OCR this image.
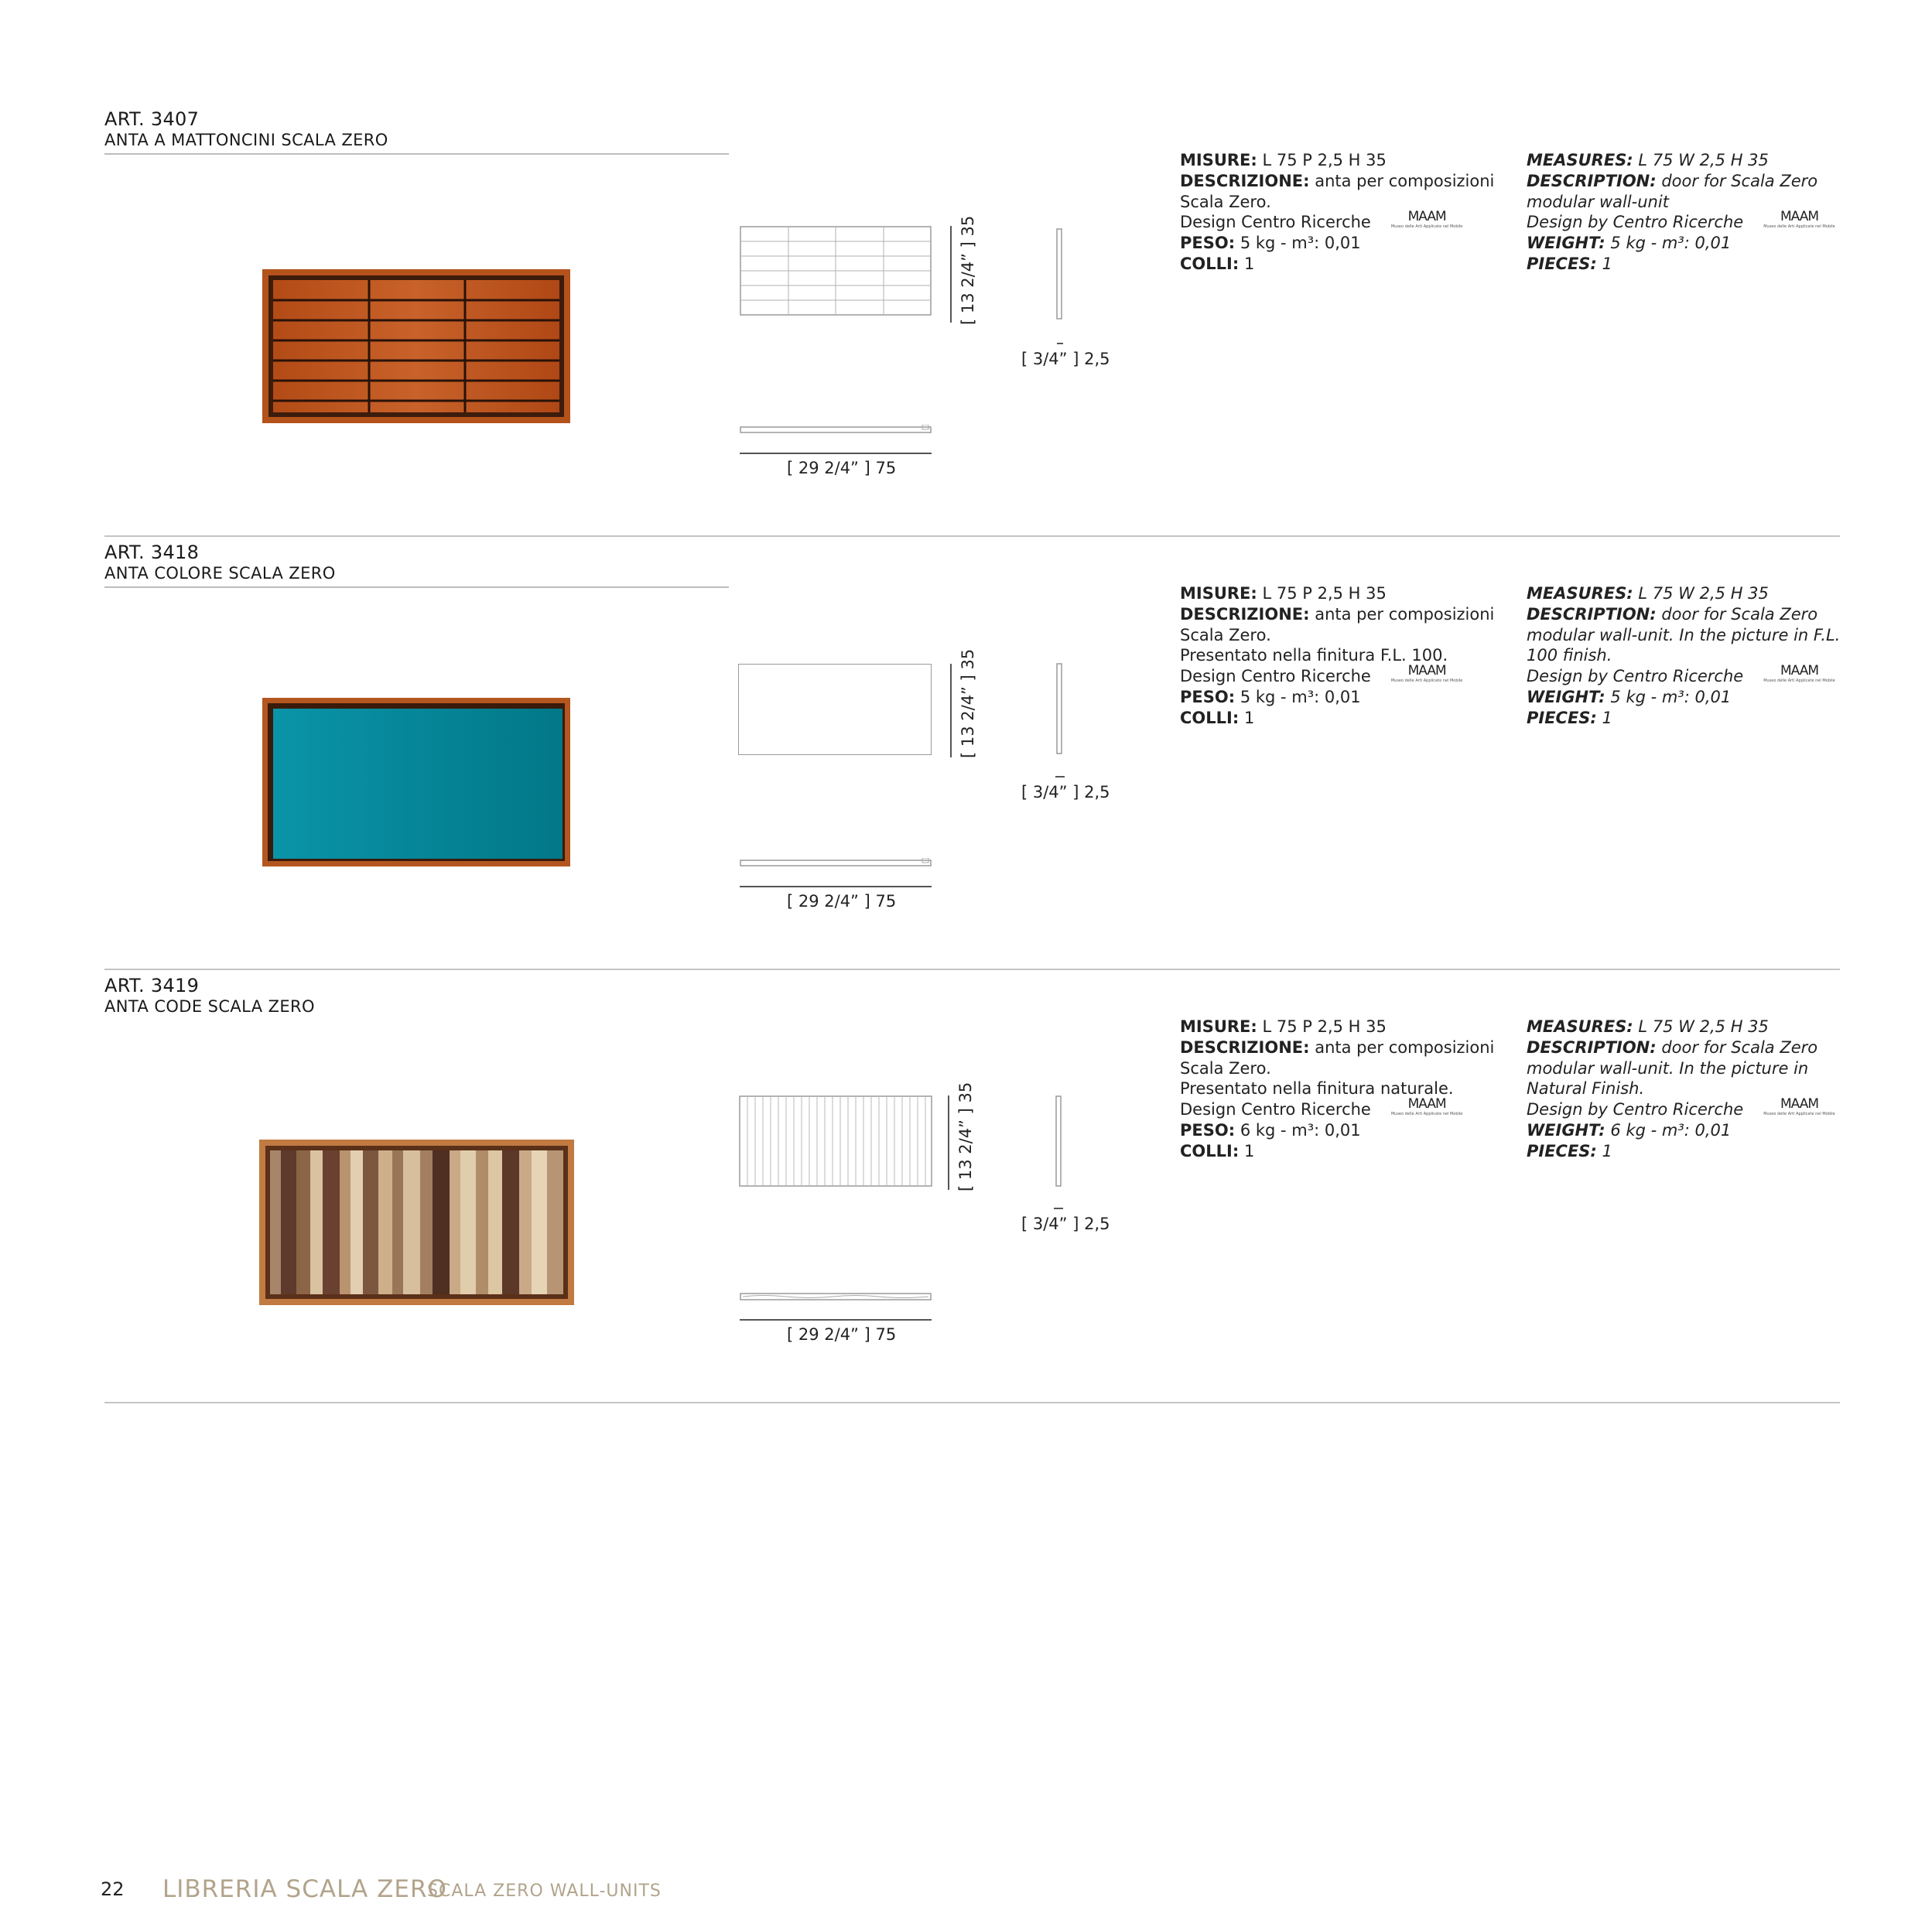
ART. 3407
ANTA A MATTONCINI SCALA ZERO
[ 13 2/4” ] 35
[ 3/4” ] 2,5
[ 29 2/4” ] 75
MISURE: L 75 P 2,5 H 35
DESCRIZIONE: anta per composizioni
Scala Zero.
Design Centro Ricerche	MAAM
Museo delle Arti Applicate nel Mobile
PESO: 5 kg - m³: 0,01
COLLI: 1
MEASURES: L 75 W 2,5 H 35
DESCRIPTION: door for Scala Zero
modular wall-unit
Design by Centro Ricerche	MAAM
Museo delle Arti Applicate nel Mobile
WEIGHT: 5 kg - m³: 0,01
PIECES: 1
ART. 3418
ANTA COLORE SCALA ZERO
[ 13 2/4” ] 35
[ 3/4” ] 2,5
[ 29 2/4” ] 75
MISURE: L 75 P 2,5 H 35
DESCRIZIONE: anta per composizioni
Scala Zero.
Presentato nella finitura F.L. 100.
Design Centro Ricerche	MAAM
Museo delle Arti Applicate nel Mobile
PESO: 5 kg - m³: 0,01
COLLI: 1
MEASURES: L 75 W 2,5 H 35
DESCRIPTION: door for Scala Zero
modular wall-unit. In the picture in F.L.
100 finish.
Design by Centro Ricerche	MAAM
Museo delle Arti Applicate nel Mobile
WEIGHT: 5 kg - m³: 0,01
PIECES: 1
ART. 3419
ANTA CODE SCALA ZERO
[ 13 2/4” ] 35
[ 3/4” ] 2,5
[ 29 2/4” ] 75
MISURE: L 75 P 2,5 H 35
DESCRIZIONE: anta per composizioni
Scala Zero.
Presentato nella finitura naturale.
Design Centro Ricerche	MAAM
Museo delle Arti Applicate nel Mobile
PESO: 6 kg - m³: 0,01
COLLI: 1
MEASURES: L 75 W 2,5 H 35
DESCRIPTION: door for Scala Zero
modular wall-unit. In the picture in
Natural Finish.
Design by Centro Ricerche	MAAM
Museo delle Arti Applicate nel Mobile
WEIGHT: 6 kg - m³: 0,01
PIECES: 1
22 LIBRERIA SCALA ZERO
SCALA ZERO WALL-UNITS
